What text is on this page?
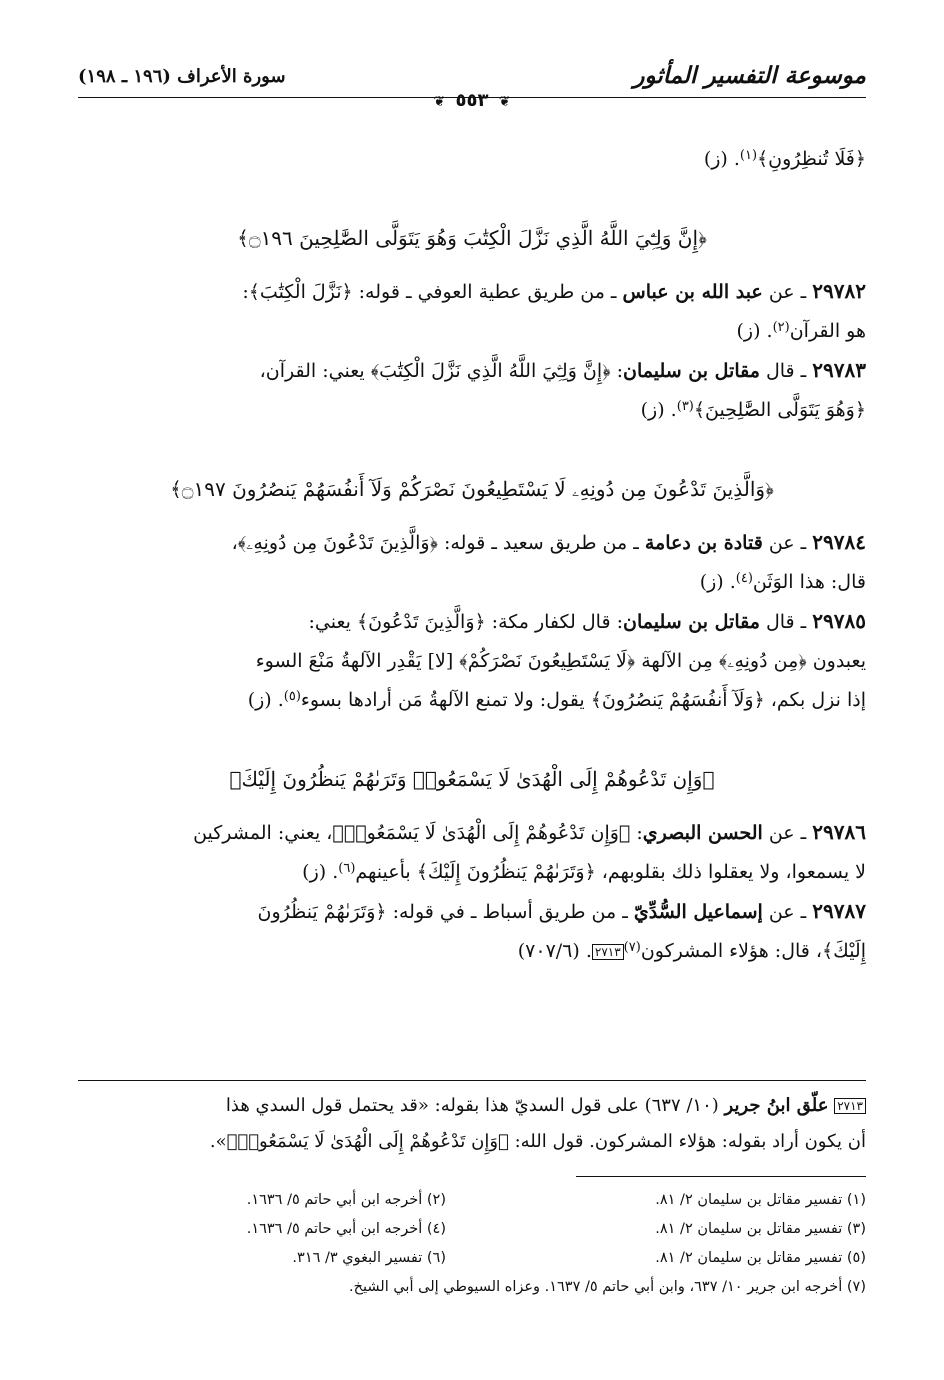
موسوعة التفسير المأثور
سورة الأعراف (١٩٦ ـ ١٩٨)
❦ ٥٥٣ ❦
﴿فَلَا تُنظِرُونِ﴾$^{(١)}$. (ز)
﴿إِنَّ وَلِـِّۧيَ اللَّهُ الَّذِي نَزَّلَ الْكِتَٰبَ وَهُوَ يَتَوَلَّى الصَّٰلِحِينَ ۝١٩٦﴾
٢٩٧٨٢ ـ عن عبد الله بن عباس ـ من طريق عطية العوفي ـ قوله: ﴿نَزَّلَ الْكِتَٰبَ﴾:
هو القرآن$^{(٢)}$. (ز)
٢٩٧٨٣ ـ قال مقاتل بن سليمان: ﴿إِنَّ وَلِـِّۧيَ اللَّهُ الَّذِي نَزَّلَ الْكِتَٰبَ﴾ يعني: القرآن،
﴿وَهُوَ يَتَوَلَّى الصَّٰلِحِينَ﴾$^{(٣)}$. (ز)
﴿وَالَّذِينَ تَدْعُونَ مِن دُونِهِۦ لَا يَسْتَطِيعُونَ نَصْرَكُمْ وَلَآ أَنفُسَهُمْ يَنصُرُونَ ۝١٩٧﴾
٢٩٧٨٤ ـ عن قتادة بن دعامة ـ من طريق سعيد ـ قوله: ﴿وَالَّذِينَ تَدْعُونَ مِن دُونِهِۦ﴾،
قال: هذا الوَثَن$^{(٤)}$. (ز)
٢٩٧٨٥ ـ قال مقاتل بن سليمان: قال لكفار مكة: ﴿وَالَّذِينَ تَدْعُونَ﴾ يعني:
يعبدون ﴿مِن دُونِهِۦ﴾ مِن الآلهة ﴿لَا يَسْتَطِيعُونَ نَصْرَكُمْ﴾ [لا] يَقْدِر الآلهةُ مَنْعَ السوء
إذا نزل بكم، ﴿وَلَآ أَنفُسَهُمْ يَنصُرُونَ﴾ يقول: ولا تمنع الآلهةُ مَن أرادها بسوء$^{(٥)}$. (ز)
﴿وَإِن تَدْعُوهُمْ إِلَى الْهُدَىٰ لَا يَسْمَعُوا۟ وَتَرَىٰهُمْ يَنظُرُونَ إِلَيْكَ﴾
٢٩٧٨٦ ـ عن الحسن البصري: ﴿وَإِن تَدْعُوهُمْ إِلَى الْهُدَىٰ لَا يَسْمَعُوا۟﴾، يعني: المشركين
لا يسمعوا، ولا يعقلوا ذلك بقلوبهم، ﴿وَتَرَىٰهُمْ يَنظُرُونَ إِلَيْكَ﴾ بأعينهم$^{(٦)}$. (ز)
٢٩٧٨٧ ـ عن إسماعيل السُّدِّيّ ـ من طريق أسباط ـ في قوله: ﴿وَتَرَىٰهُمْ يَنظُرُونَ
إِلَيْكَ﴾، قال: هؤلاء المشركون$^{(٧)}$٢٧١٣. (٧٠٧/٦)
٢٧١٣ علّق ابنُ جرير (١٠/ ٦٣٧) على قول السديّ هذا بقوله: «قد يحتمل قول السدي هذا
أن يكون أراد بقوله: هؤلاء المشركون. قول الله: ﴿وَإِن تَدْعُوهُمْ إِلَى الْهُدَىٰ لَا يَسْمَعُوا۟﴾».
(١) تفسير مقاتل بن سليمان ٢/ ٨١.
(٢) أخرجه ابن أبي حاتم ٥/ ١٦٣٦.
(٣) تفسير مقاتل بن سليمان ٢/ ٨١.
(٤) أخرجه ابن أبي حاتم ٥/ ١٦٣٦.
(٥) تفسير مقاتل بن سليمان ٢/ ٨١.
(٦) تفسير البغوي ٣/ ٣١٦.
(٧) أخرجه ابن جرير ١٠/ ٦٣٧، وابن أبي حاتم ٥/ ١٦٣٧. وعزاه السيوطي إلى أبي الشيخ.
